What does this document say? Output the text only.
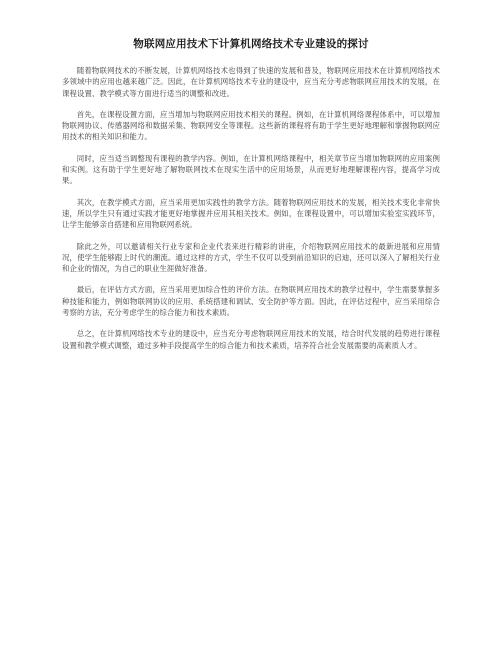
物联网应用技术下计算机网络技术专业建设的探讨

随着物联网技术的不断发展，计算机网络技术也得到了快速的发展和普及，物联网应用技术在计算机网络技术多领域中的应用也越来越广泛。因此，在计算机网络技术专业的建设中，应当充分考虑物联网应用技术的发展，在课程设置、教学模式等方面进行适当的调整和改进。

首先，在课程设置方面，应当增加与物联网应用技术相关的课程。例如，在计算机网络课程体系中，可以增加物联网协议、传感器网络和数据采集、物联网安全等课程。这些新的课程将有助于学生更好地理解和掌握物联网应用技术的相关知识和能力。

同时，应当适当调整现有课程的教学内容。例如，在计算机网络课程中，相关章节应当增加物联网的应用案例和实例。这有助于学生更好地了解物联网技术在现实生活中的应用场景，从而更好地理解课程内容，提高学习成果。

其次，在教学模式方面，应当采用更加实践性的教学方法。随着物联网应用技术的发展，相关技术变化非常快速，所以学生只有通过实践才能更好地掌握并应用其相关技术。例如，在课程设置中，可以增加实验室实践环节，让学生能够亲自搭建和应用物联网系统。

除此之外，可以邀请相关行业专家和企业代表来进行精彩的讲座，介绍物联网应用技术的最新进展和应用情况，使学生能够跟上时代的潮流。通过这样的方式，学生不仅可以受到前沿知识的启迪，还可以深入了解相关行业和企业的情况，为自己的职业生涯做好准备。

最后，在评估方式方面，应当采用更加综合性的评价方法。在物联网应用技术的教学过程中，学生需要掌握多种技能和能力，例如物联网协议的应用、系统搭建和调试、安全防护等方面。因此，在评估过程中，应当采用综合考察的方法，充分考虑学生的综合能力和技术素质。

总之，在计算机网络技术专业的建设中，应当充分考虑物联网应用技术的发展，结合时代发展的趋势进行课程设置和教学模式调整，通过多种手段提高学生的综合能力和技术素质，培养符合社会发展需要的高素质人才。
